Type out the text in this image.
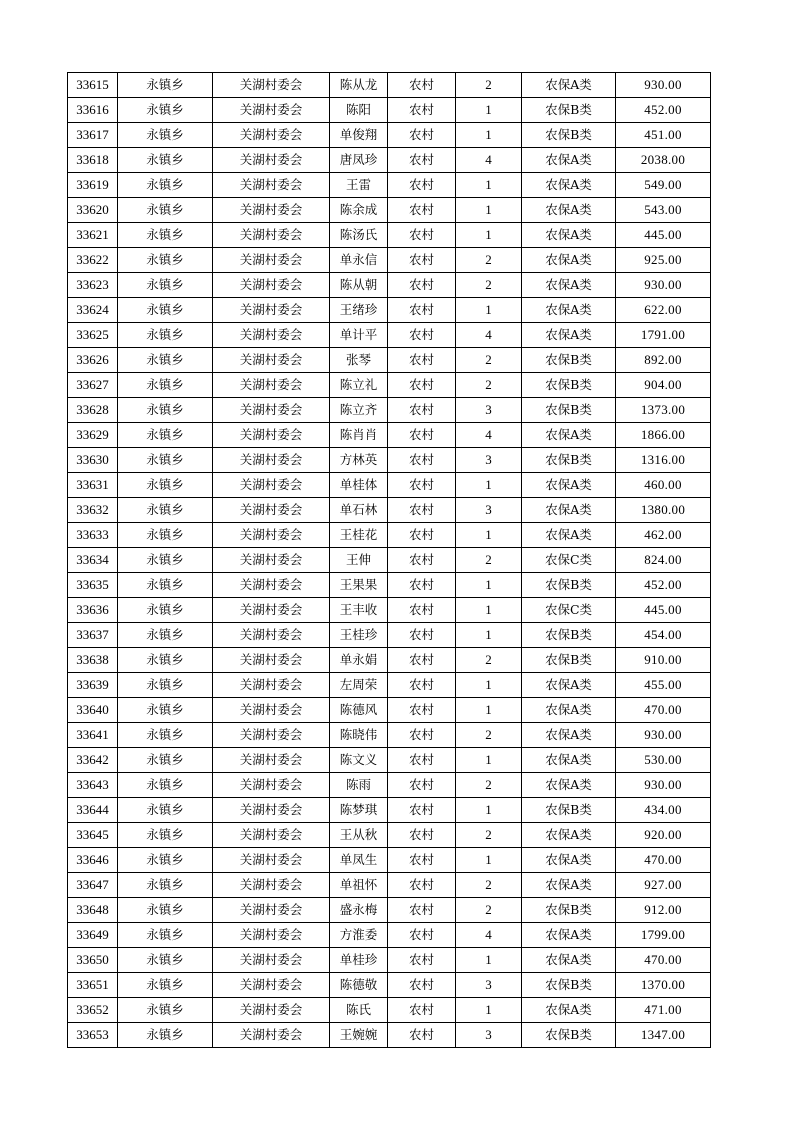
33615	永镇乡	关湖村委会	陈从龙	农村	2	农保A类	930.00
33616	永镇乡	关湖村委会	陈阳	农村	1	农保B类	452.00
33617	永镇乡	关湖村委会	单俊翔	农村	1	农保B类	451.00
33618	永镇乡	关湖村委会	唐凤珍	农村	4	农保A类	2038.00
33619	永镇乡	关湖村委会	王雷	农村	1	农保A类	549.00
33620	永镇乡	关湖村委会	陈余成	农村	1	农保A类	543.00
33621	永镇乡	关湖村委会	陈汤氏	农村	1	农保A类	445.00
33622	永镇乡	关湖村委会	单永信	农村	2	农保A类	925.00
33623	永镇乡	关湖村委会	陈从朝	农村	2	农保A类	930.00
33624	永镇乡	关湖村委会	王绪珍	农村	1	农保A类	622.00
33625	永镇乡	关湖村委会	单计平	农村	4	农保A类	1791.00
33626	永镇乡	关湖村委会	张琴	农村	2	农保B类	892.00
33627	永镇乡	关湖村委会	陈立礼	农村	2	农保B类	904.00
33628	永镇乡	关湖村委会	陈立齐	农村	3	农保B类	1373.00
33629	永镇乡	关湖村委会	陈肖肖	农村	4	农保A类	1866.00
33630	永镇乡	关湖村委会	方林英	农村	3	农保B类	1316.00
33631	永镇乡	关湖村委会	单桂体	农村	1	农保A类	460.00
33632	永镇乡	关湖村委会	单石林	农村	3	农保A类	1380.00
33633	永镇乡	关湖村委会	王桂花	农村	1	农保A类	462.00
33634	永镇乡	关湖村委会	王伸	农村	2	农保C类	824.00
33635	永镇乡	关湖村委会	王果果	农村	1	农保B类	452.00
33636	永镇乡	关湖村委会	王丰收	农村	1	农保C类	445.00
33637	永镇乡	关湖村委会	王桂珍	农村	1	农保B类	454.00
33638	永镇乡	关湖村委会	单永娟	农村	2	农保B类	910.00
33639	永镇乡	关湖村委会	左周荣	农村	1	农保A类	455.00
33640	永镇乡	关湖村委会	陈德风	农村	1	农保A类	470.00
33641	永镇乡	关湖村委会	陈晓伟	农村	2	农保A类	930.00
33642	永镇乡	关湖村委会	陈文义	农村	1	农保A类	530.00
33643	永镇乡	关湖村委会	陈雨	农村	2	农保A类	930.00
33644	永镇乡	关湖村委会	陈梦琪	农村	1	农保B类	434.00
33645	永镇乡	关湖村委会	王从秋	农村	2	农保A类	920.00
33646	永镇乡	关湖村委会	单凤生	农村	1	农保A类	470.00
33647	永镇乡	关湖村委会	单祖怀	农村	2	农保A类	927.00
33648	永镇乡	关湖村委会	盛永梅	农村	2	农保B类	912.00
33649	永镇乡	关湖村委会	方淮委	农村	4	农保A类	1799.00
33650	永镇乡	关湖村委会	单桂珍	农村	1	农保A类	470.00
33651	永镇乡	关湖村委会	陈德敬	农村	3	农保B类	1370.00
33652	永镇乡	关湖村委会	陈氏	农村	1	农保A类	471.00
33653	永镇乡	关湖村委会	王婉婉	农村	3	农保B类	1347.00
